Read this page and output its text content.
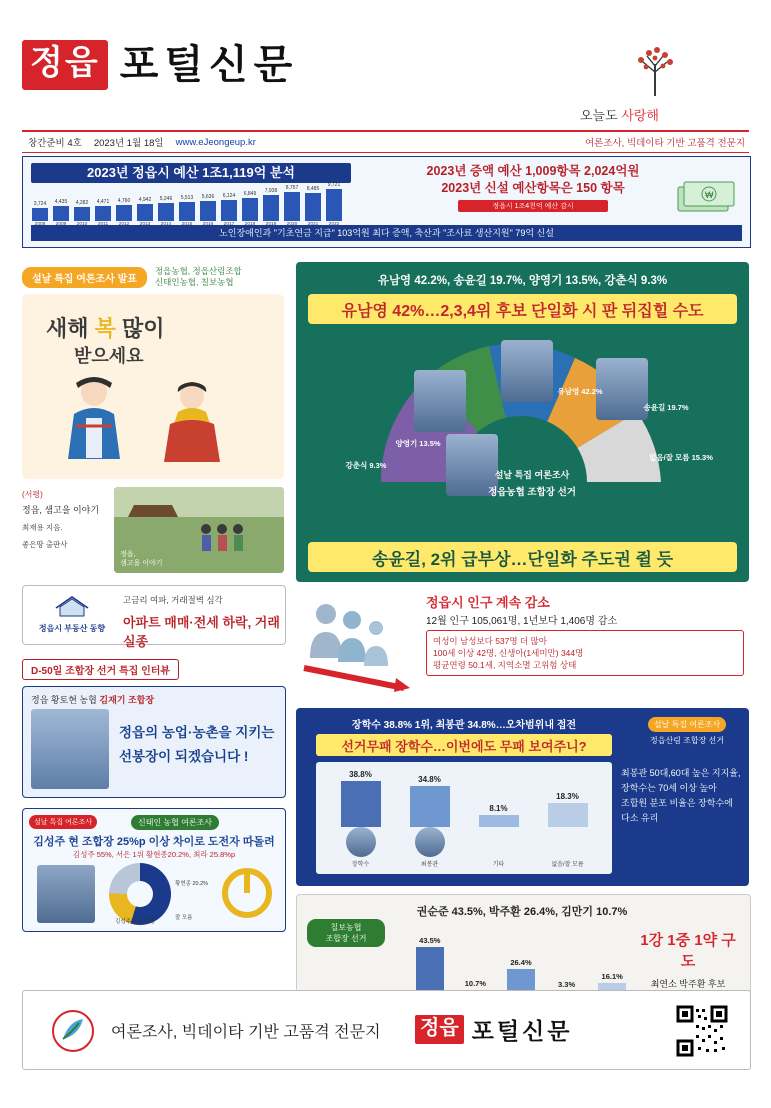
정읍 포털신문
오늘도 사랑해
창간준비 4호	2023년 1월 18일	www.eJeongeup.kr	여론조사, 빅데이타 기반 고품격 전문지
2023년 정읍시 예산 1조1,119억 분석
3,724 4,435 4,282 4,471 4,760 4,942 5,246 5,513 5,636 6,124 6,849 7,938 8,757 8,485
9,721
2023년 증액 예산 1,009항목 2,024억원
2023년 신설 예산항목은 150 항목
정읍시 1조4천억 예산 감시
₩
노인장애인과 "기초연금 지급" 103억원 최다 증액, 축산과 "조사료 생산지원" 79억 신설
설날 특집 여론조사 발표
정읍농협, 정읍산림조합
신태인농협, 칠보농협
새해 복 많이
받으세요
(서평)
정읍, 샘고을 이야기
최재용 지음.
좋은땅 출판사
정읍,
샘고을 이야기
정읍시 부동산 동향
고금리 여파, 거래절벽 심각
아파트 매매·전세 하락, 거래 실종
D-50일 조합장 선거 특집 인터뷰
정읍 황토현 농협 김재기 조합장
정읍의 농업·농촌을 지키는
선봉장이 되겠습니다 !
설날 특집 여론조사	신태인 농협 여론조사
김성주 현 조합장 25%p 이상 차이로 도전자 따돌려
김성주 55%, 서은 1위 황현종20.2%, 최라 25.8%p
김성주 현 조합장
황현종 20.2%
잘 모름
유남영 42.2%, 송윤길 19.7%, 양영기 13.5%, 강춘식 9.3%
유남영 42%…2,3,4위 후보 단일화 시 판 뒤집힐 수도
유남영 42.2%
송윤길 19.7%
없음/잘 모름 15.3%
양영기 13.5%
강춘식 9.3%
설날 특집 여론조사
정읍농협 조합장 선거
송윤길, 2위 급부상…단일화 주도권 쥘 듯
정읍시 인구 계속 감소
12월 인구 105,061명, 1년보다 1,406명 감소
여성이 남성보다 537명 더 많아
100세 이상 42명, 신생아(1세미만) 344명
평균연령 50.1세, 지역소멸 고위험 상태
장학수 38.8% 1위, 최봉관 34.8%…오차범위내 접전	설날 특집 여론조사
정읍산림 조합장 선거
선거무패 장학수…이번에도 무패 보여주니?
38.8%
장학수
34.8%
최봉관
8.1%
기타
18.3%
없음/잘 모름
최봉관 50대,60대 높은 지지율,
장학수는 70세 이상 높아
조합원 분포 비율은 장학수에 다소 유리
칠보농협
조합장 선거
권순준 43.5%, 박주환 26.4%, 김만기 10.7%
43.5%
10.7%
26.4%
3.3%
16.1%
1강 1중 1약 구도
최연소 박주환 후보
여론조사, 빅데이타 기반 고품격 전문지 정읍 포털신문
